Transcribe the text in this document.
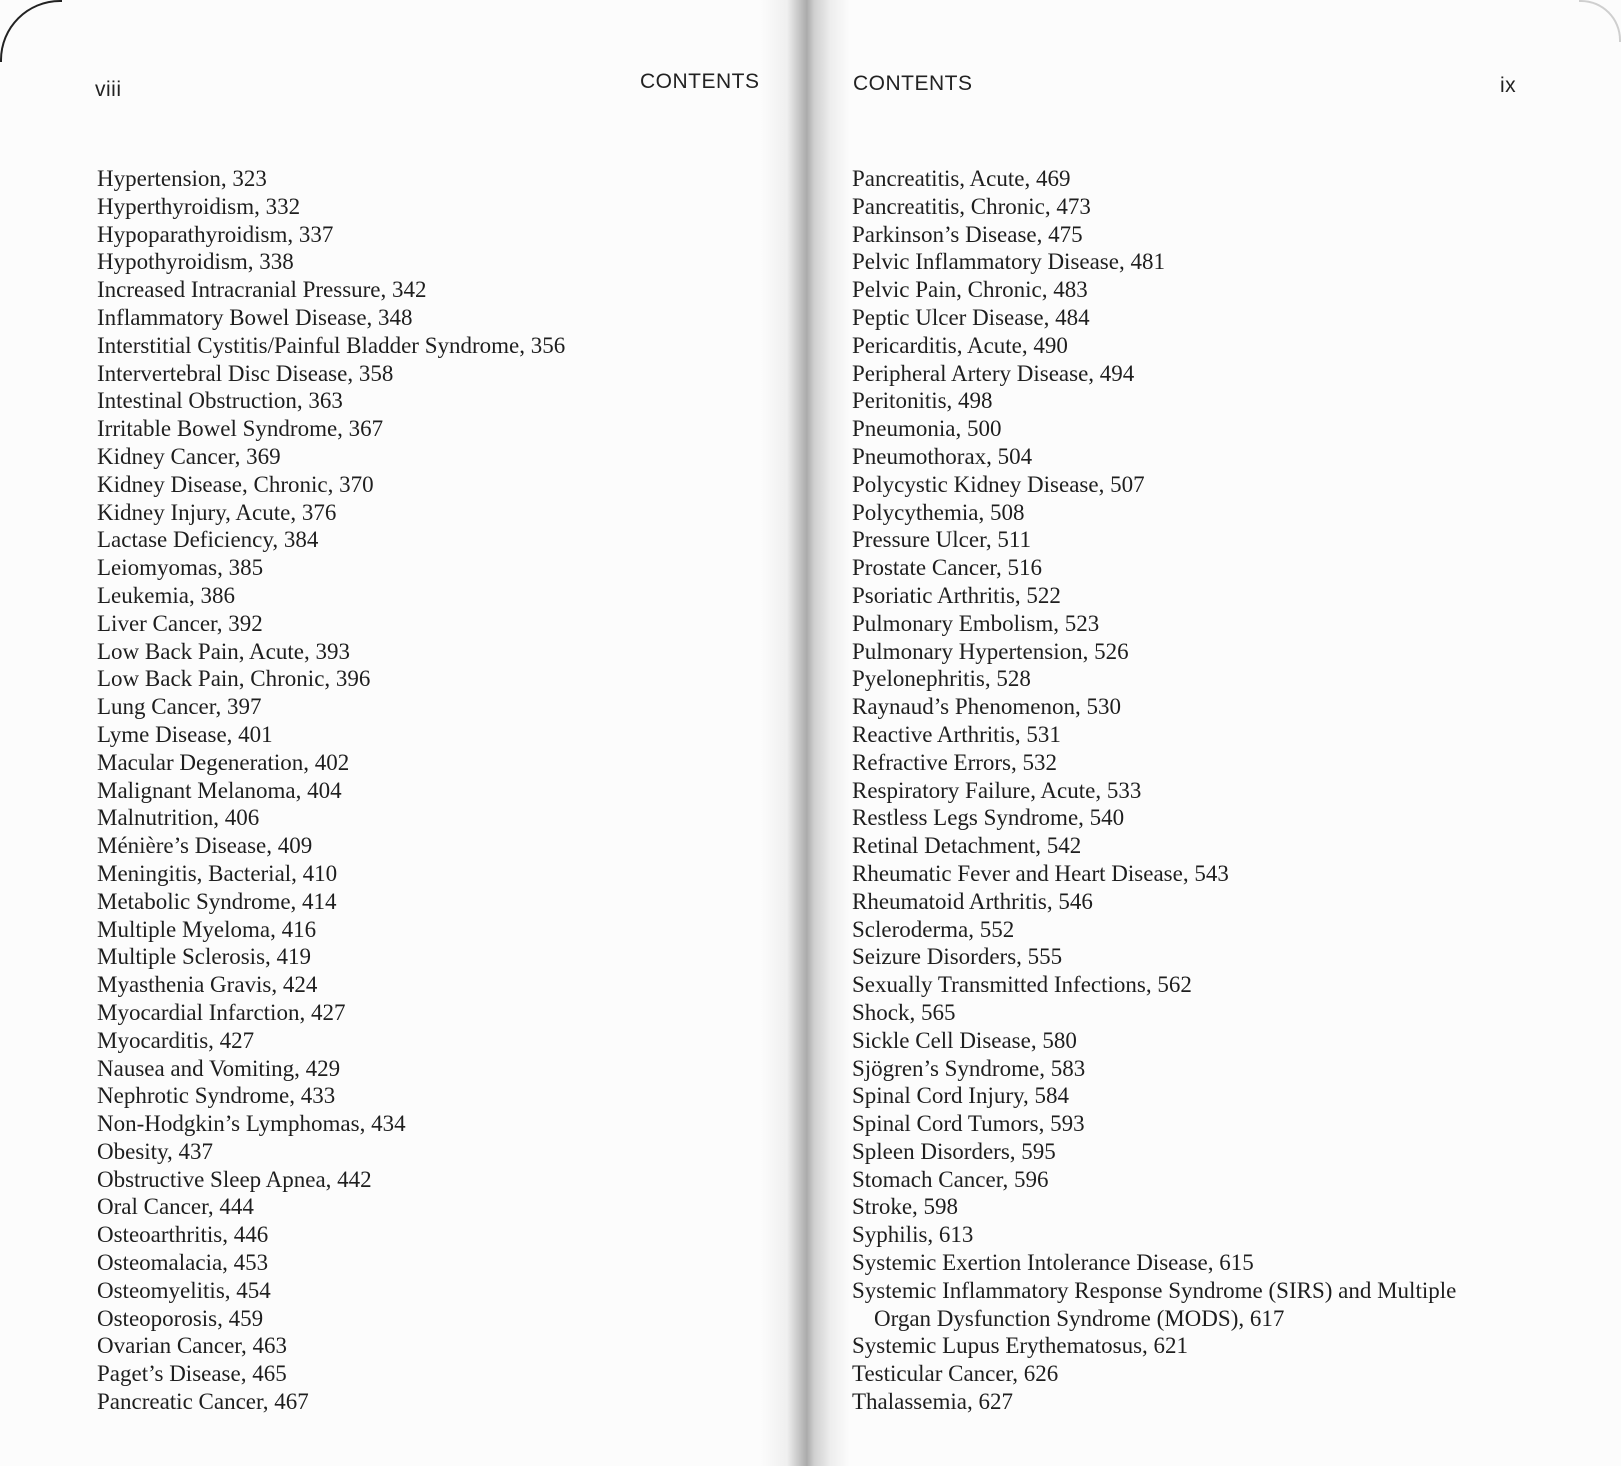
viii	CONTENTS
Hypertension, 323
Hyperthyroidism, 332
Hypoparathyroidism, 337
Hypothyroidism, 338
Increased Intracranial Pressure, 342
Inflammatory Bowel Disease, 348
Interstitial Cystitis/Painful Bladder Syndrome, 356
Intervertebral Disc Disease, 358
Intestinal Obstruction, 363
Irritable Bowel Syndrome, 367
Kidney Cancer, 369
Kidney Disease, Chronic, 370
Kidney Injury, Acute, 376
Lactase Deficiency, 384
Leiomyomas, 385
Leukemia, 386
Liver Cancer, 392
Low Back Pain, Acute, 393
Low Back Pain, Chronic, 396
Lung Cancer, 397
Lyme Disease, 401
Macular Degeneration, 402
Malignant Melanoma, 404
Malnutrition, 406
Ménière’s Disease, 409
Meningitis, Bacterial, 410
Metabolic Syndrome, 414
Multiple Myeloma, 416
Multiple Sclerosis, 419
Myasthenia Gravis, 424
Myocardial Infarction, 427
Myocarditis, 427
Nausea and Vomiting, 429
Nephrotic Syndrome, 433
Non-Hodgkin’s Lymphomas, 434
Obesity, 437
Obstructive Sleep Apnea, 442
Oral Cancer, 444
Osteoarthritis, 446
Osteomalacia, 453
Osteomyelitis, 454
Osteoporosis, 459
Ovarian Cancer, 463
Paget’s Disease, 465
Pancreatic Cancer, 467
CONTENTS	ix
Pancreatitis, Acute, 469
Pancreatitis, Chronic, 473
Parkinson’s Disease, 475
Pelvic Inflammatory Disease, 481
Pelvic Pain, Chronic, 483
Peptic Ulcer Disease, 484
Pericarditis, Acute, 490
Peripheral Artery Disease, 494
Peritonitis, 498
Pneumonia, 500
Pneumothorax, 504
Polycystic Kidney Disease, 507
Polycythemia, 508
Pressure Ulcer, 511
Prostate Cancer, 516
Psoriatic Arthritis, 522
Pulmonary Embolism, 523
Pulmonary Hypertension, 526
Pyelonephritis, 528
Raynaud’s Phenomenon, 530
Reactive Arthritis, 531
Refractive Errors, 532
Respiratory Failure, Acute, 533
Restless Legs Syndrome, 540
Retinal Detachment, 542
Rheumatic Fever and Heart Disease, 543
Rheumatoid Arthritis, 546
Scleroderma, 552
Seizure Disorders, 555
Sexually Transmitted Infections, 562
Shock, 565
Sickle Cell Disease, 580
Sjögren’s Syndrome, 583
Spinal Cord Injury, 584
Spinal Cord Tumors, 593
Spleen Disorders, 595
Stomach Cancer, 596
Stroke, 598
Syphilis, 613
Systemic Exertion Intolerance Disease, 615
Systemic Inflammatory Response Syndrome (SIRS) and Multiple
Organ Dysfunction Syndrome (MODS), 617
Systemic Lupus Erythematosus, 621
Testicular Cancer, 626
Thalassemia, 627
